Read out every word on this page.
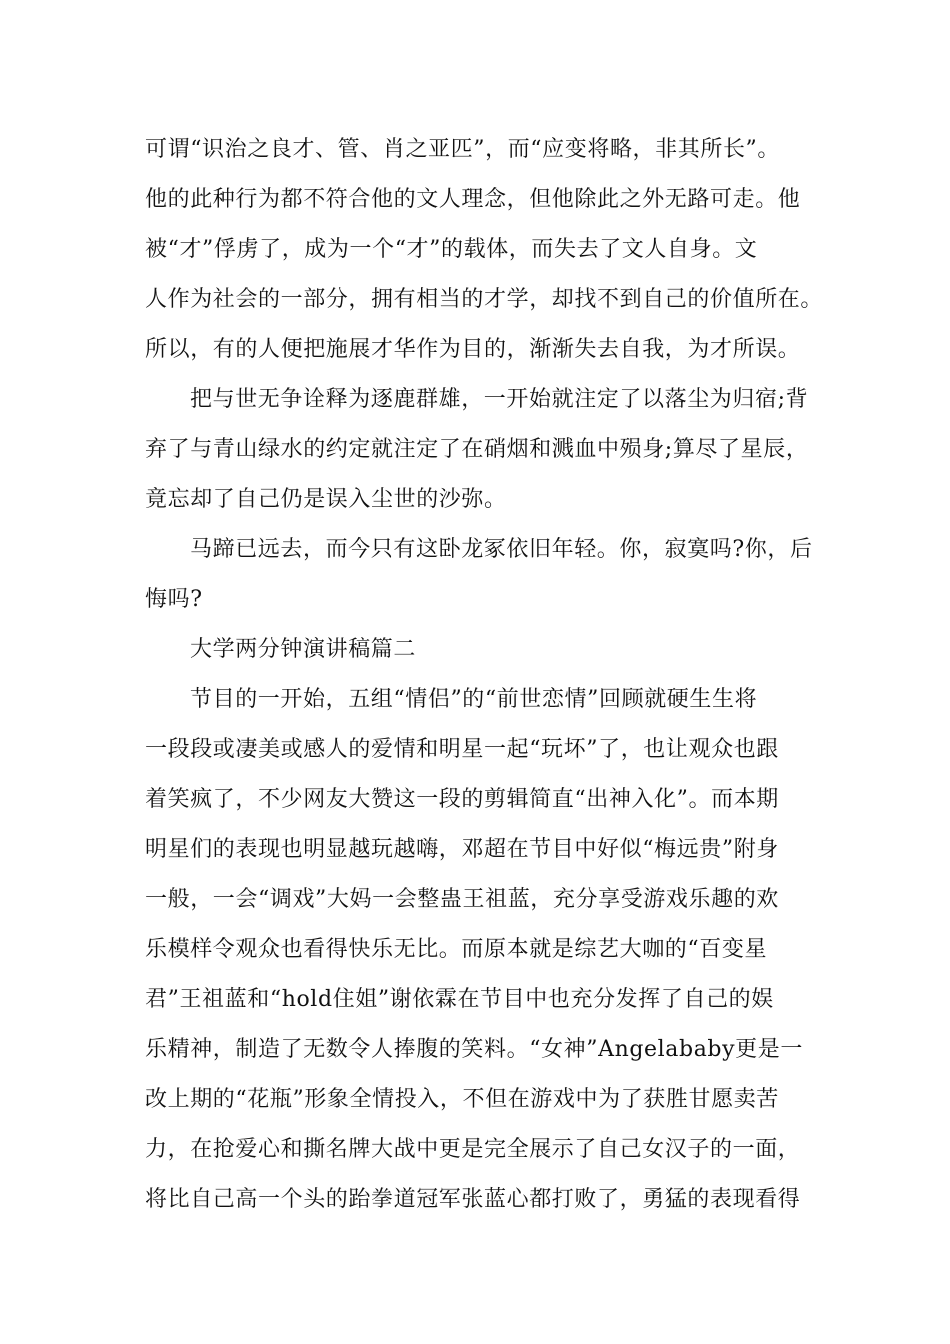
可谓“识治之良才、管、肖之亚匹”，而“应变将略，非其所长”。
他的此种行为都不符合他的文人理念，但他除此之外无路可走。他
被“才”俘虏了，成为一个“才”的载体，而失去了文人自身。文
人作为社会的一部分，拥有相当的才学，却找不到自己的价值所在。
所以，有的人便把施展才华作为目的，渐渐失去自我，为才所误。
把与世无争诠释为逐鹿群雄，一开始就注定了以落尘为归宿;背
弃了与青山绿水的约定就注定了在硝烟和溅血中殒身;算尽了星辰，
竟忘却了自己仍是误入尘世的沙弥。
马蹄已远去，而今只有这卧龙冢依旧年轻。你，寂寞吗?你，后
悔吗?
大学两分钟演讲稿篇二
节目的一开始，五组“情侣”的“前世恋情”回顾就硬生生将
一段段或凄美或感人的爱情和明星一起“玩坏”了，也让观众也跟
着笑疯了，不少网友大赞这一段的剪辑简直“出神入化”。而本期
明星们的表现也明显越玩越嗨，邓超在节目中好似“梅远贵”附身
一般，一会“调戏”大妈一会整蛊王祖蓝，充分享受游戏乐趣的欢
乐模样令观众也看得快乐无比。而原本就是综艺大咖的“百变星
君”王祖蓝和“hold住姐”谢依霖在节目中也充分发挥了自己的娱
乐精神，制造了无数令人捧腹的笑料。“女神”Angelababy更是一
改上期的“花瓶”形象全情投入，不但在游戏中为了获胜甘愿卖苦
力，在抢爱心和撕名牌大战中更是完全展示了自己女汉子的一面，
将比自己高一个头的跆拳道冠军张蓝心都打败了，勇猛的表现看得
